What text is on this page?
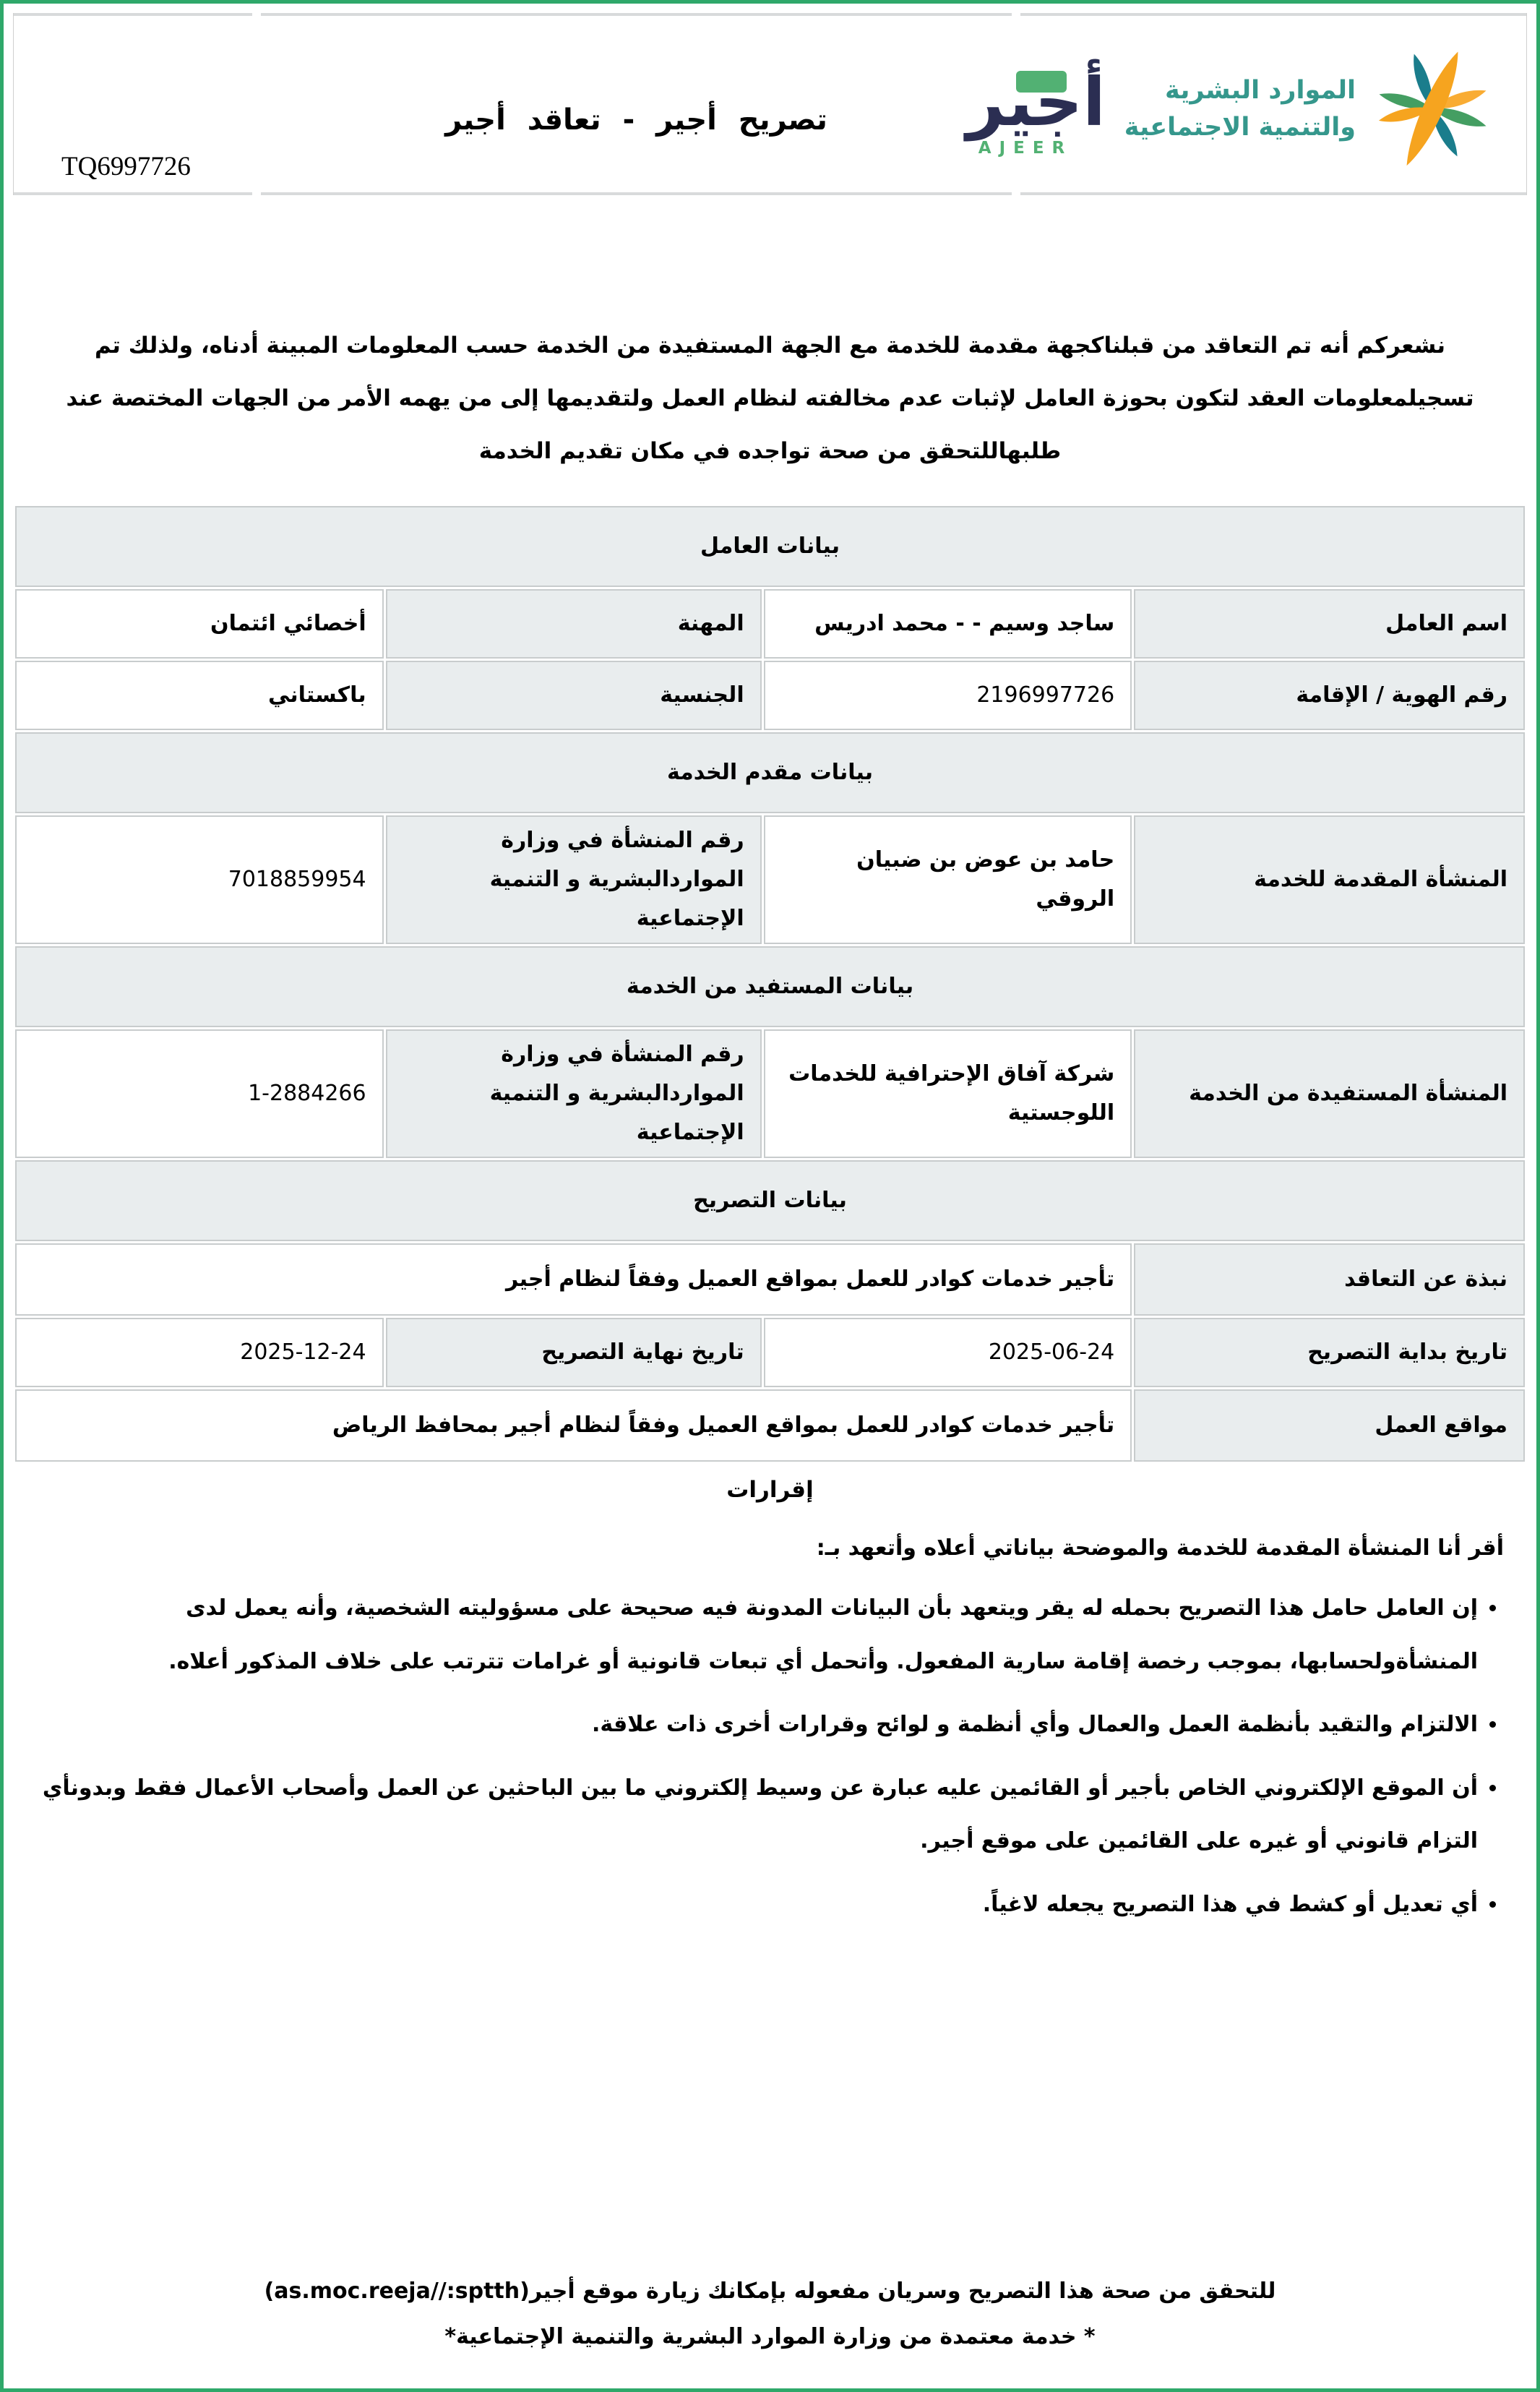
الموارد البشرية
والتنمية الاجتماعية
أجير
AJEER
تصريح أجير - تعاقد أجير
TQ6997726

نشعركم أنه تم التعاقد من قبلناكجهة مقدمة للخدمة مع الجهة المستفيدة من الخدمة حسب المعلومات المبينة أدناه، ولذلك تم تسجيلمعلومات العقد لتكون بحوزة العامل لإثبات عدم مخالفته لنظام العمل ولتقديمها إلى من يهمه الأمر من الجهات المختصة عند طلبهاللتحقق من صحة تواجده في مكان تقديم الخدمة

بيانات العامل			
اسم العامل	ساجد وسيم - - محمد ادريس	المهنة	أخصائي ائتمان
رقم الهوية / الإقامة	2196997726	الجنسية	باكستاني
بيانات مقدم الخدمة			
المنشأة المقدمة للخدمة	حامد بن عوض بن ضبيان الروقي	رقم المنشأة في وزارة المواردالبشرية و التنمية الإجتماعية	7018859954
بيانات المستفيد من الخدمة			
المنشأة المستفيدة من الخدمة	شركة آفاق الإحترافية للخدمات اللوجستية	رقم المنشأة في وزارة المواردالبشرية و التنمية الإجتماعية	1-2884266
بيانات التصريح			
نبذة عن التعاقد	تأجير خدمات كوادر للعمل بمواقع العميل وفقاً لنظام أجير		
تاريخ بداية التصريح	2025-06-24	تاريخ نهاية التصريح	2025-12-24
مواقع العمل	تأجير خدمات كوادر للعمل بمواقع العميل وفقاً لنظام أجير بمحافظ الرياض		
إقرارات
أقر أنا المنشأة المقدمة للخدمة والموضحة بياناتي أعلاه وأتعهد بـ:
• إن العامل حامل هذا التصريح بحمله له يقر ويتعهد بأن البيانات المدونة فيه صحيحة على مسؤوليته الشخصية، وأنه يعمل لدى المنشأةولحسابها، بموجب رخصة إقامة سارية المفعول. وأتحمل أي تبعات قانونية أو غرامات تترتب على خلاف المذكور أعلاه.
• الالتزام والتقيد بأنظمة العمل والعمال وأي أنظمة و لوائح وقرارات أخرى ذات علاقة.
• أن الموقع الإلكتروني الخاص بأجير أو القائمين عليه عبارة عن وسيط إلكتروني ما بين الباحثين عن العمل وأصحاب الأعمال فقط وبدونأي التزام قانوني أو غيره على القائمين على موقع أجير.
• أي تعديل أو كشط في هذا التصريح يجعله لاغياً.
للتحقق من صحة هذا التصريح وسريان مفعوله بإمكانك زيارة موقع أجير(as.moc.reeja//:sptth)
* خدمة معتمدة من وزارة الموارد البشرية والتنمية الإجتماعية*
